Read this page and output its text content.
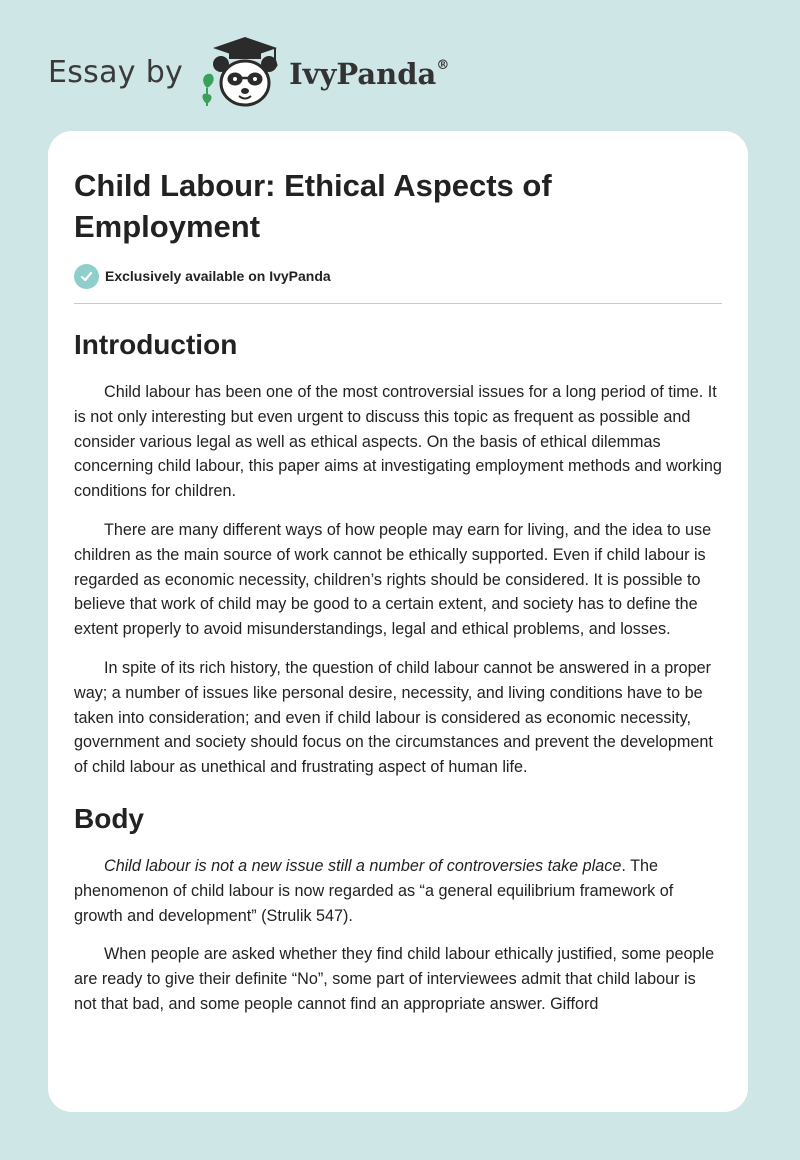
Essay by	IvyPanda®
Child Labour: Ethical Aspects of Employment
Exclusively available on IvyPanda
Introduction

Child labour has been one of the most controversial issues for a long period of time. It is not only interesting but even urgent to discuss this topic as frequent as possible and consider various legal as well as ethical aspects. On the basis of ethical dilemmas concerning child labour, this paper aims at investigating employment methods and working conditions for children.

There are many different ways of how people may earn for living, and the idea to use children as the main source of work cannot be ethically supported. Even if child labour is regarded as economic necessity, children’s rights should be considered. It is possible to believe that work of child may be good to a certain extent, and society has to define the extent properly to avoid misunderstandings, legal and ethical problems, and losses.

In spite of its rich history, the question of child labour cannot be answered in a proper way; a number of issues like personal desire, necessity, and living conditions have to be taken into consideration; and even if child labour is considered as economic necessity, government and society should focus on the circumstances and prevent the development of child labour as unethical and frustrating aspect of human life.

Body

Child labour is not a new issue still a number of controversies take place. The phenomenon of child labour is now regarded as “a general equilibrium framework of growth and development” (Strulik 547).

When people are asked whether they find child labour ethically justified, some people are ready to give their definite “No”, some part of interviewees admit that child labour is not that bad, and some people cannot find an appropriate answer. Gifford
